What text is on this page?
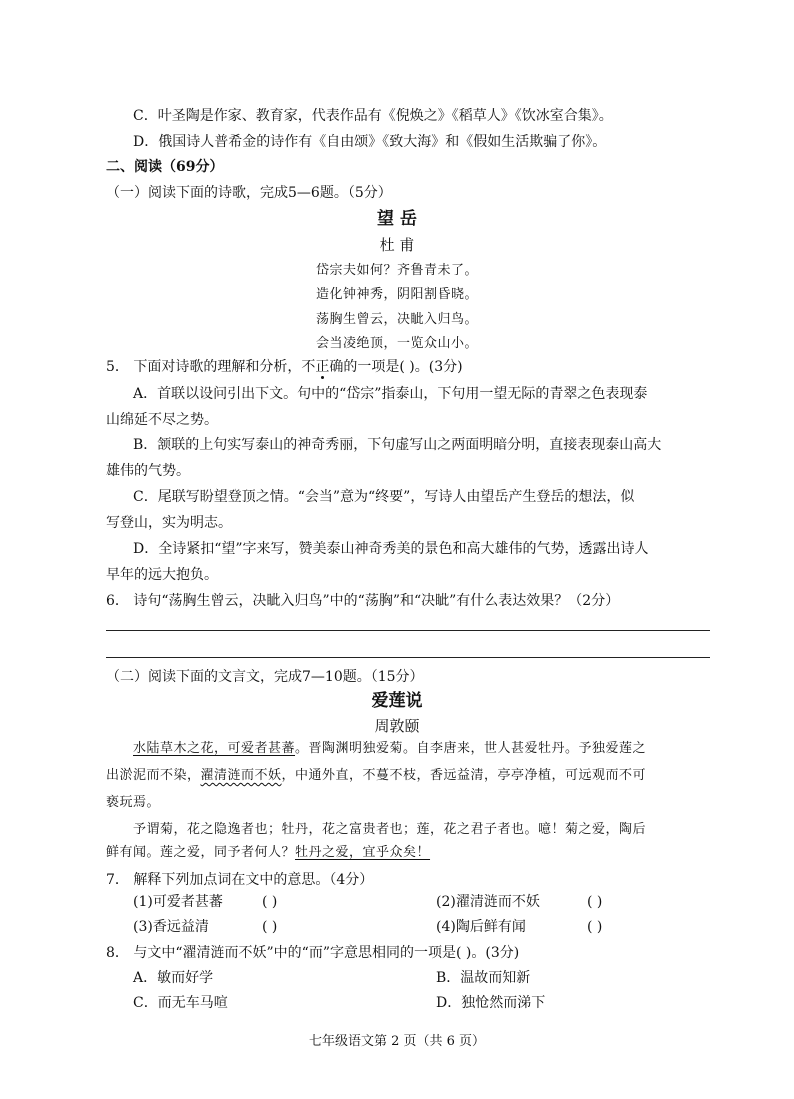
C．叶圣陶是作家、教育家，代表作品有《倪焕之》《稻草人》《饮冰室合集》。
D．俄国诗人普希金的诗作有《自由颂》《致大海》和《假如生活欺骗了你》。
二、阅读（69分）
（一）阅读下面的诗歌，完成5—6题。（5分）
望 岳
杜 甫
岱宗夫如何？齐鲁青未了。
造化钟神秀，阴阳割昏晓。
荡胸生曾云，决眦入归鸟。
会当凌绝顶，一览众山小。
5． 下面对诗歌的理解和分析，不正确的一项是( )。(3分)
A．首联以设问引出下文。句中的“岱宗”指泰山，下句用一望无际的青翠之色表现泰
山绵延不尽之势。
B．颔联的上句实写泰山的神奇秀丽，下句虚写山之两面明暗分明，直接表现泰山高大
雄伟的气势。
C．尾联写盼望登顶之情。“会当”意为“终要”，写诗人由望岳产生登岳的想法，似
写登山，实为明志。
D．全诗紧扣“望”字来写，赞美泰山神奇秀美的景色和高大雄伟的气势，透露出诗人
早年的远大抱负。
6． 诗句“荡胸生曾云，决眦入归鸟”中的“荡胸”和“决眦”有什么表达效果？（2分）
（二）阅读下面的文言文，完成7—10题。（15分）
爱莲说
周敦颐
水陆草木之花，可爱者甚蕃。晋陶渊明独爱菊。自李唐来，世人甚爱牡丹。予独爱莲之
出淤泥而不染，濯清涟而不妖，中通外直，不蔓不枝，香远益清，亭亭净植，可远观而不可
亵玩焉。
予谓菊，花之隐逸者也；牡丹，花之富贵者也；莲，花之君子者也。噫！菊之爱，陶后
鲜有闻。莲之爱，同予者何人？牡丹之爱，宜乎众矣！
7． 解释下列加点词在文中的意思。（4分）
(1)可爱者甚蕃	( )	(2)濯清涟而不妖	( )
(3)香远益清	( )	(4)陶后鲜有闻	( )
8． 与文中“濯清涟而不妖”中的“而”字意思相同的一项是( )。(3分)
A．敏而好学	B．温故而知新
C．而无车马喧	D．独怆然而涕下
七年级语文第 2 页（共 6 页）
